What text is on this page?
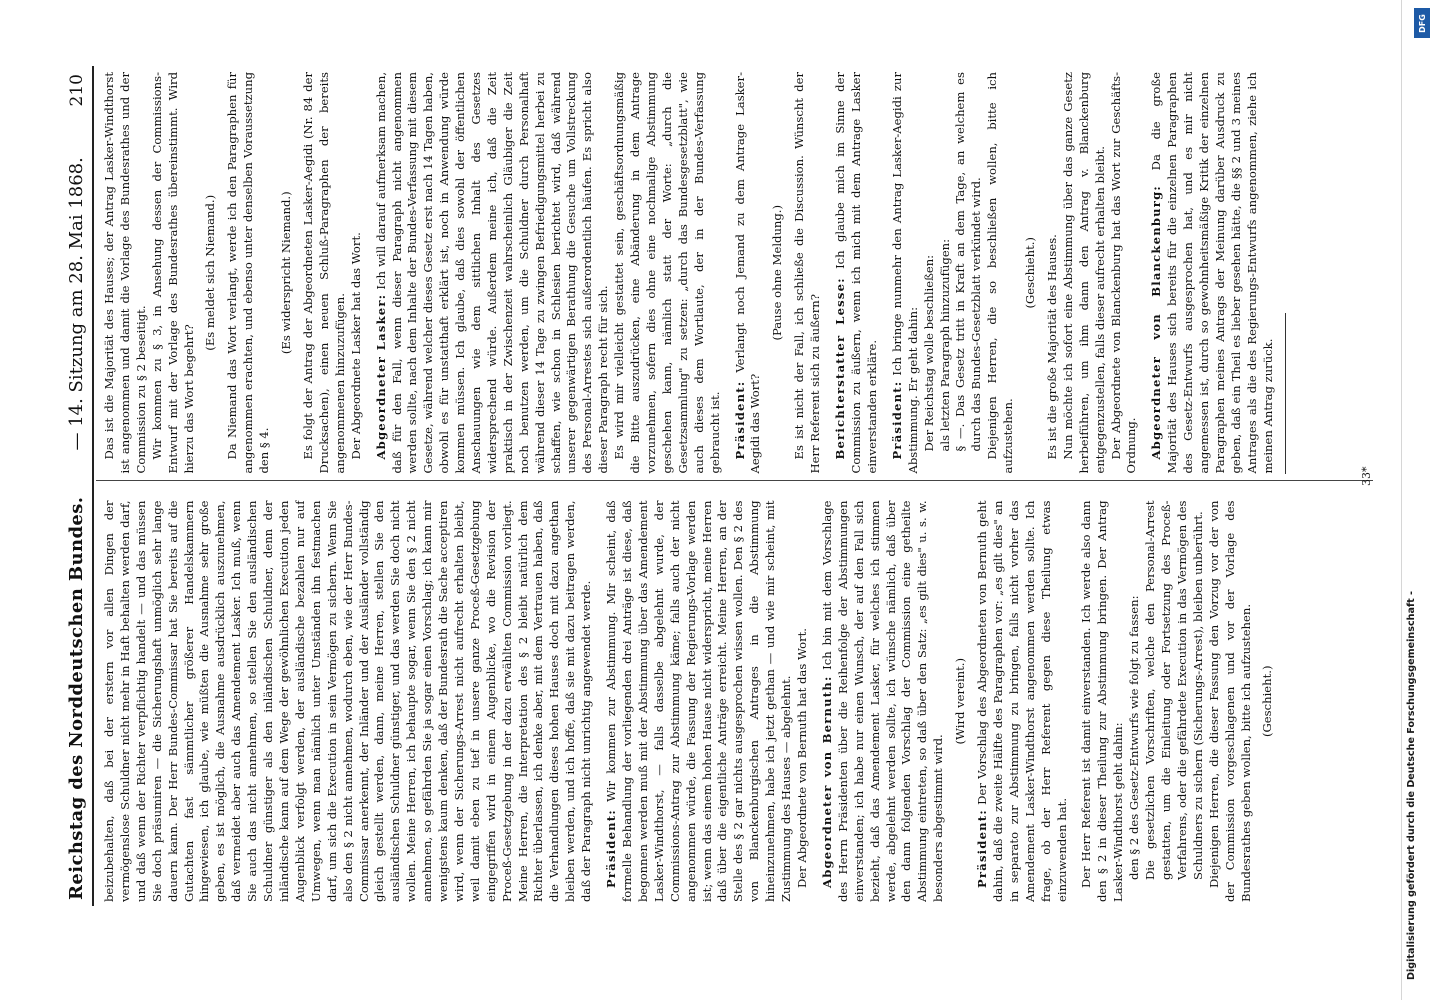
Reichstag des Norddeutschen Bundes.
— 14. Sitzung am 28. Mai 1868.
210

beizubehalten, daß bei der erstern vor allen Dingen der vermögenslose Schuldner nicht mehr in Haft behalten werden darf, und daß wenn der Richter verpflichtig handelt — und das müssen Sie doch präsumiren — die Sicherungshaft unmöglich sehr lange dauern kann. Der Herr Bundes-Commissar hat Sie bereits auf die Gutachten fast sämmtlicher größerer Handelskammern hingewiesen, ich glaube, wie müßten die Ausnahme sehr große geben, es ist möglich, die Ausnahme ausdrücklich auszunehmen, daß vermeidet aber auch das Amendement Lasker. Ich muß, wenn Sie auch das nicht annehmen, so stellen Sie den ausländischen Schuldner günstiger als den inländischen Schuldner, denn der inländische kann auf dem Wege der gewöhnlichen Execution jeden Augenblick verfolgt werden, der ausländische bezahlen nur auf Umwegen, wenn man nämlich unter Umständen ihn festmachen darf, um sich die Execution in sein Vermögen zu sichern. Wenn Sie also den § 2 nicht annehmen, wodurch eben, wie der Herr Bundes-Commissar anerkennt, der Inländer und der Ausländer vollständig gleich gestellt werden, dann, meine Herren, stellen Sie den ausländischen Schuldner günstiger, und das werden Sie doch nicht wollen. Meine Herren, ich behaupte sogar, wenn Sie den § 2 nicht annehmen, so gefährden Sie ja sogar einen Vorschlag; ich kann mir wenigstens kaum denken, daß der Bundesrath die Sache acceptiren wird, wenn der Sicherungs-Arrest nicht aufrecht erhalten bleibt, weil damit eben zu tief in unsere ganze Proceß-Gesetzgebung eingegriffen wird in einem Augenblicke, wo die Revision der Proceß-Gesetzgebung in der dazu erwählten Commission vorliegt. Meine Herren, die Interpretation des § 2 bleibt natürlich dem Richter überlassen, ich denke aber, mit dem Vertrauen haben, daß die Verhandlungen dieses hohen Hauses doch mit dazu angethan bleiben werden, und ich hoffe, daß sie mit dazu beitragen werden, daß der Paragraph nicht unrichtig angewendet werde. Präsident: Wir kommen zur Abstimmung. Mir scheint, daß formelle Behandlung der vorliegenden drei Anträge ist diese, daß begonnen werden muß mit der Abstimmung über das Amendement Lasker-Windthorst, — falls dasselbe abgelehnt wurde, der Commissions-Antrag zur Abstimmung käme; falls auch der nicht angenommen würde, die Fassung der Regierungs-Vorlage werden ist; wenn das einem hohen Hause nicht widerspricht, meine Herren daß über die eigentliche Anträge erreicht. Meine Herren, an der Stelle des § 2 gar nichts ausgesprochen wissen wollen. Den § 2 des von Blanckenburgischen Antrages in die Abstimmung hineinzunehmen, habe ich jetzt gethan — und wie mir scheint, mit Zustimmung des Hauses — abgelehnt. Der Abgeordnete von Bernuth hat das Wort. Abgeordneter von Bernuth: Ich bin mit dem Vorschlage des Herrn Präsidenten über die Reihenfolge der Abstimmungen einverstanden; ich habe nur einen Wunsch, der auf den Fall sich bezieht, daß das Amendement Lasker, für welches ich stimmen werde, abgelehnt werden sollte, ich wünsche nämlich, daß über den dann folgenden Vorschlag der Commission eine getheilte Abstimmung eintreten, so daß über den Satz: „es gilt dies" u. s. w. besonders abgestimmt wird.

(Wird vereint.)

Präsident: Der Vorschlag des Abgeordneten von Bernuth geht dahin, daß die zweite Hälfte des Paragraphen vor: „es gilt dies" an in separato zur Abstimmung zu bringen, falls nicht vorher das Amendement Lasker-Windthorst angenommen werden sollte. Ich frage, ob der Herr Referent gegen diese Theilung etwas einzuwenden hat. Der Herr Referent ist damit einverstanden. Ich werde also dann den § 2 in dieser Theilung zur Abstimmung bringen. Der Antrag Lasker-Windthorst geht dahin: den § 2 des Gesetz-Entwurfs wie folgt zu fassen: Die gesetzlichen Vorschriften, welche den Personal-Arrest gestatten, um die Einleitung oder Fortsetzung des Proceß-Verfahrens, oder die gefährdete Execution in das Vermögen des Schuldners zu sichern (Sicherungs-Arrest), bleiben unberührt. Diejenigen Herren, die dieser Fassung den Vorzug vor der von der Commission vorgeschlagenen und vor der Vorlage des Bundesrathes geben wollen, bitte ich aufzustehen. (Geschieht.)

Das ist die Majorität des Hauses; der Antrag Lasker-Windthorst ist angenommen und damit die Vorlage des Bundesrathes und der Commission zu § 2 beseitigt. Wir kommen zu § 3, in Ansehung dessen der Commissions-Entwurf mit der Vorlage des Bundesrathes übereinstimmt. Wird hierzu das Wort begehrt?

(Es meldet sich Niemand.) Da Niemand das Wort verlangt, werde ich den Paragraphen für angenommen erachten, und ebenso unter denselben Voraussetzung den § 4.

(Es widerspricht Niemand.) Es folgt der Antrag der Abgeordneten Lasker-Aegidi (Nr. 84 der Drucksachen), einen neuen Schluß-Paragraphen der bereits angenommenen hinzuzufügen. Der Abgeordnete Lasker hat das Wort. Abgeordneter Lasker: Ich will darauf aufmerksam machen, daß für den Fall, wenn dieser Paragraph nicht angenommen werden sollte, nach dem Inhalte der Bundes-Verfassung mit diesem Gesetze, während welcher dieses Gesetz erst nach 14 Tagen haben, obwohl es für unstatthaft erklärt ist, noch in Anwendung würde kommen müssen. Ich glaube, daß dies sowohl der öffentlichen Anschauungen wie dem sittlichen Inhalt des Gesetzes widersprechend würde. Außerdem meine ich, daß die Zeit praktisch in der Zwischenzeit wahrscheinlich Gläubiger die Zeit noch benutzen werden, um die Schuldner durch Personalhaft während dieser 14 Tage zu zwingen Befriedigungsmittel herbei zu schaffen, wie schon in Schlesien berichtet wird, daß während unserer gegenwärtigen Berathung die Gesuche um Vollstreckung des Personal-Arrestes sich außerordentlich häufen. Es spricht also dieser Paragraph recht für sich. Es wird mir vielleicht gestattet sein, geschäftsordnungsmäßig die Bitte auszudrücken, eine Abänderung in dem Antrage vorzunehmen, sofern dies ohne eine nochmalige Abstimmung geschehen kann, nämlich statt der Worte: „durch die Gesetzsammlung" zu setzen: „durch das Bundesgesetzblatt", wie auch dieses dem Wortlaute, der in der Bundes-Verfassung gebraucht ist. Präsident: Verlangt noch Jemand zu dem Antrage Lasker-Aegidi das Wort?

(Pause ohne Meldung.) Es ist nicht der Fall, ich schließe die Discussion. Wünscht der Herr Referent sich zu äußern? Berichterstatter Lesse: Ich glaube mich im Sinne der Commission zu äußern, wenn ich mich mit dem Antrage Lasker einverstanden erkläre. Präsident: Ich bringe nunmehr den Antrag Lasker-Aegidi zur Abstimmung. Er geht dahin: Der Reichstag wolle beschließen: als letzten Paragraph hinzuzufügen: § —. Das Gesetz tritt in Kraft an dem Tage, an welchem es durch das Bundes-Gesetzblatt verkündet wird. Diejenigen Herren, die so beschließen wollen, bitte ich aufzustehen.

(Geschieht.) Es ist die große Majorität des Hauses. Nun möchte ich sofort eine Abstimmung über das ganze Gesetz herbeiführen, um ihm dann den Antrag v. Blanckenburg entgegenzustellen, falls dieser aufrecht erhalten bleibt. Der Abgeordnete von Blanckenburg hat das Wort zur Geschäfts-Ordnung. Abgeordneter von Blanckenburg: Da die große Majorität des Hauses sich bereits für die einzelnen Paragraphen des Gesetz-Entwurfs ausgesprochen hat, und es mir nicht angemessen ist, durch so gewohnheitsmäßige Kritik der einzelnen Paragraphen meines Antrags der Meinung darüber Ausdruck zu geben, daß ein Theil es lieber gesehen hätte, die §§ 2 und 3 meines Antrages als die des Regierungs-Entwurfs angenommen, ziehe ich meinen Antrag zurück.

33*
Digitalisierung gefördert durch die Deutsche Forschungsgemeinschaft -
DFG
